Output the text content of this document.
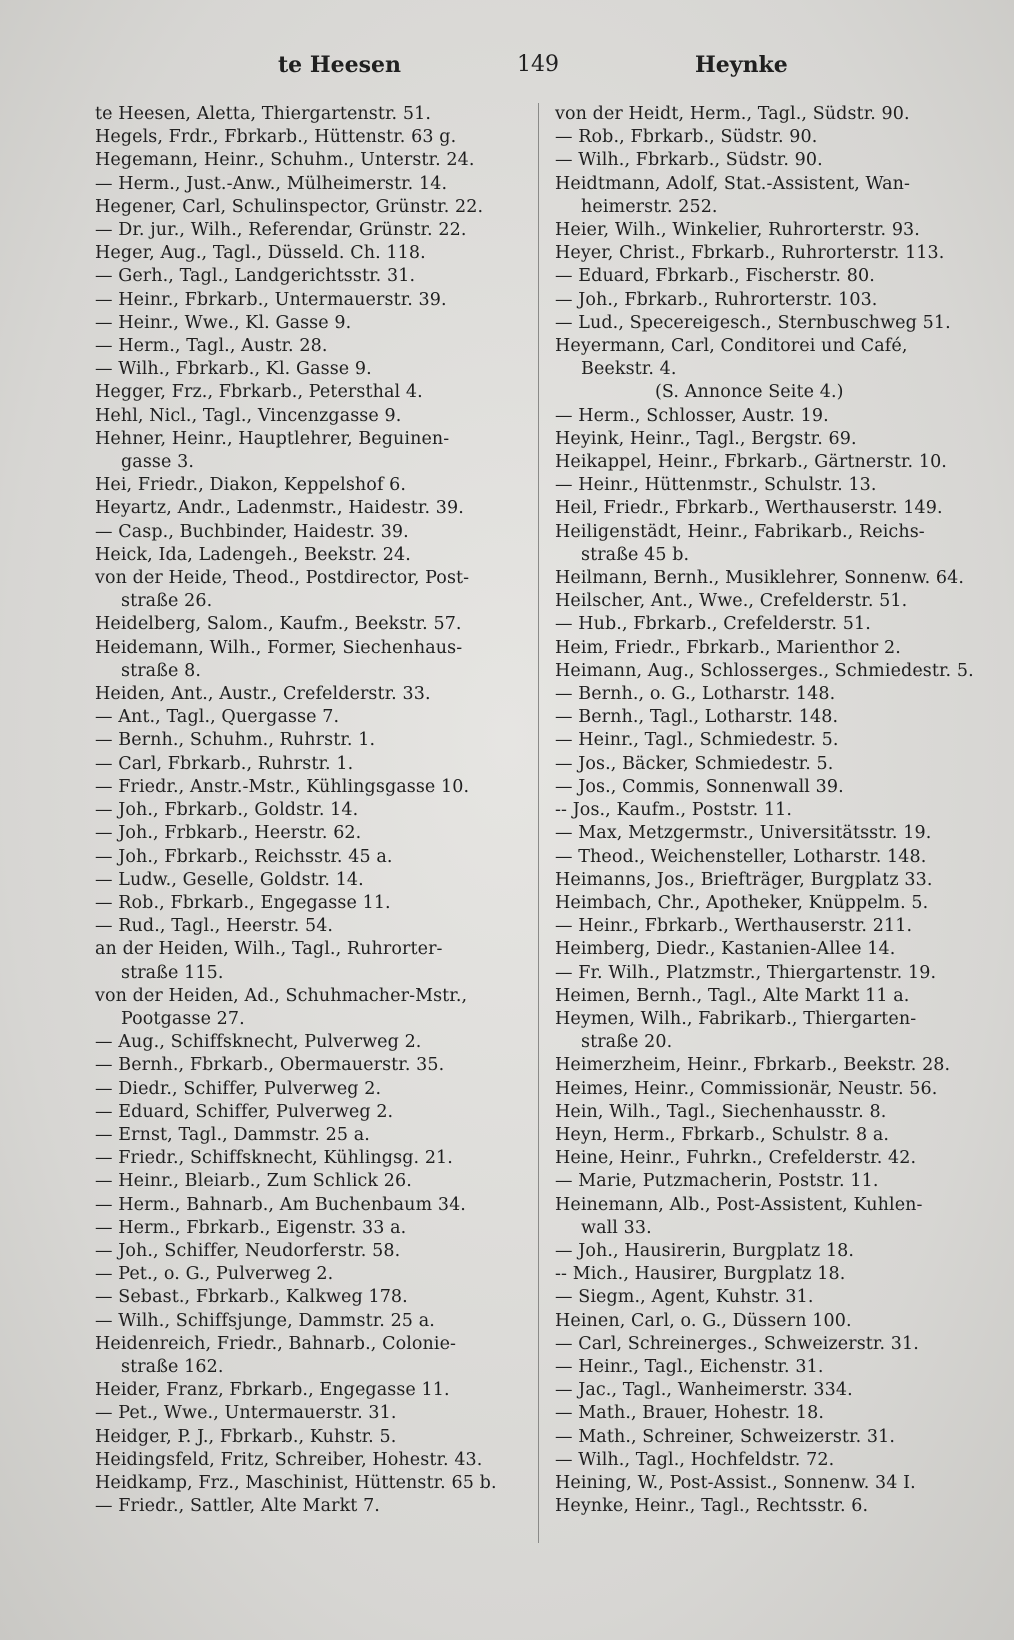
te Heesen	149	Heynke
te Heesen, Aletta, Thiergartenstr. 51.
Hegels, Frdr., Fbrkarb., Hüttenstr. 63 g.
Hegemann, Heinr., Schuhm., Unterstr. 24.
— Herm., Just.-Anw., Mülheimerstr. 14.
Hegener, Carl, Schulinspector, Grünstr. 22.
— Dr. jur., Wilh., Referendar, Grünstr. 22.
Heger, Aug., Tagl., Düsseld. Ch. 118.
— Gerh., Tagl., Landgerichtsstr. 31.
— Heinr., Fbrkarb., Untermauerstr. 39.
— Heinr., Wwe., Kl. Gasse 9.
— Herm., Tagl., Austr. 28.
— Wilh., Fbrkarb., Kl. Gasse 9.
Hegger, Frz., Fbrkarb., Petersthal 4.
Hehl, Nicl., Tagl., Vincenzgasse 9.
Hehner, Heinr., Hauptlehrer, Beguinen-
gasse 3.
Hei, Friedr., Diakon, Keppelshof 6.
Heyartz, Andr., Ladenmstr., Haidestr. 39.
— Casp., Buchbinder, Haidestr. 39.
Heick, Ida, Ladengeh., Beekstr. 24.
von der Heide, Theod., Postdirector, Post-
straße 26.
Heidelberg, Salom., Kaufm., Beekstr. 57.
Heidemann, Wilh., Former, Siechenhaus-
straße 8.
Heiden, Ant., Austr., Crefelderstr. 33.
— Ant., Tagl., Quergasse 7.
— Bernh., Schuhm., Ruhrstr. 1.
— Carl, Fbrkarb., Ruhrstr. 1.
— Friedr., Anstr.-Mstr., Kühlingsgasse 10.
— Joh., Fbrkarb., Goldstr. 14.
— Joh., Frbkarb., Heerstr. 62.
— Joh., Fbrkarb., Reichsstr. 45 a.
— Ludw., Geselle, Goldstr. 14.
— Rob., Fbrkarb., Engegasse 11.
— Rud., Tagl., Heerstr. 54.
an der Heiden, Wilh., Tagl., Ruhrorter-
straße 115.
von der Heiden, Ad., Schuhmacher-Mstr.,
Pootgasse 27.
— Aug., Schiffsknecht, Pulverweg 2.
— Bernh., Fbrkarb., Obermauerstr. 35.
— Diedr., Schiffer, Pulverweg 2.
— Eduard, Schiffer, Pulverweg 2.
— Ernst, Tagl., Dammstr. 25 a.
— Friedr., Schiffsknecht, Kühlingsg. 21.
— Heinr., Bleiarb., Zum Schlick 26.
— Herm., Bahnarb., Am Buchenbaum 34.
— Herm., Fbrkarb., Eigenstr. 33 a.
— Joh., Schiffer, Neudorferstr. 58.
— Pet., o. G., Pulverweg 2.
— Sebast., Fbrkarb., Kalkweg 178.
— Wilh., Schiffsjunge, Dammstr. 25 a.
Heidenreich, Friedr., Bahnarb., Colonie-
straße 162.
Heider, Franz, Fbrkarb., Engegasse 11.
— Pet., Wwe., Untermauerstr. 31.
Heidger, P. J., Fbrkarb., Kuhstr. 5.
Heidingsfeld, Fritz, Schreiber, Hohestr. 43.
Heidkamp, Frz., Maschinist, Hüttenstr. 65 b.
— Friedr., Sattler, Alte Markt 7.
von der Heidt, Herm., Tagl., Südstr. 90.
— Rob., Fbrkarb., Südstr. 90.
— Wilh., Fbrkarb., Südstr. 90.
Heidtmann, Adolf, Stat.-Assistent, Wan-
heimerstr. 252.
Heier, Wilh., Winkelier, Ruhrorterstr. 93.
Heyer, Christ., Fbrkarb., Ruhrorterstr. 113.
— Eduard, Fbrkarb., Fischerstr. 80.
— Joh., Fbrkarb., Ruhrorterstr. 103.
— Lud., Specereigesch., Sternbuschweg 51.
Heyermann, Carl, Conditorei und Café,
Beekstr. 4.
(S. Annonce Seite 4.)
— Herm., Schlosser, Austr. 19.
Heyink, Heinr., Tagl., Bergstr. 69.
Heikappel, Heinr., Fbrkarb., Gärtnerstr. 10.
— Heinr., Hüttenmstr., Schulstr. 13.
Heil, Friedr., Fbrkarb., Werthauserstr. 149.
Heiligenstädt, Heinr., Fabrikarb., Reichs-
straße 45 b.
Heilmann, Bernh., Musiklehrer, Sonnenw. 64.
Heilscher, Ant., Wwe., Crefelderstr. 51.
— Hub., Fbrkarb., Crefelderstr. 51.
Heim, Friedr., Fbrkarb., Marienthor 2.
Heimann, Aug., Schlosserges., Schmiedestr. 5.
— Bernh., o. G., Lotharstr. 148.
— Bernh., Tagl., Lotharstr. 148.
— Heinr., Tagl., Schmiedestr. 5.
— Jos., Bäcker, Schmiedestr. 5.
— Jos., Commis, Sonnenwall 39.
-- Jos., Kaufm., Poststr. 11.
— Max, Metzgermstr., Universitätsstr. 19.
— Theod., Weichensteller, Lotharstr. 148.
Heimanns, Jos., Briefträger, Burgplatz 33.
Heimbach, Chr., Apotheker, Knüppelm. 5.
— Heinr., Fbrkarb., Werthauserstr. 211.
Heimberg, Diedr., Kastanien-Allee 14.
— Fr. Wilh., Platzmstr., Thiergartenstr. 19.
Heimen, Bernh., Tagl., Alte Markt 11 a.
Heymen, Wilh., Fabrikarb., Thiergarten-
straße 20.
Heimerzheim, Heinr., Fbrkarb., Beekstr. 28.
Heimes, Heinr., Commissionär, Neustr. 56.
Hein, Wilh., Tagl., Siechenhausstr. 8.
Heyn, Herm., Fbrkarb., Schulstr. 8 a.
Heine, Heinr., Fuhrkn., Crefelderstr. 42.
— Marie, Putzmacherin, Poststr. 11.
Heinemann, Alb., Post-Assistent, Kuhlen-
wall 33.
— Joh., Hausirerin, Burgplatz 18.
-- Mich., Hausirer, Burgplatz 18.
— Siegm., Agent, Kuhstr. 31.
Heinen, Carl, o. G., Düssern 100.
— Carl, Schreinerges., Schweizerstr. 31.
— Heinr., Tagl., Eichenstr. 31.
— Jac., Tagl., Wanheimerstr. 334.
— Math., Brauer, Hohestr. 18.
— Math., Schreiner, Schweizerstr. 31.
— Wilh., Tagl., Hochfeldstr. 72.
Heining, W., Post-Assist., Sonnenw. 34 I.
Heynke, Heinr., Tagl., Rechtsstr. 6.
